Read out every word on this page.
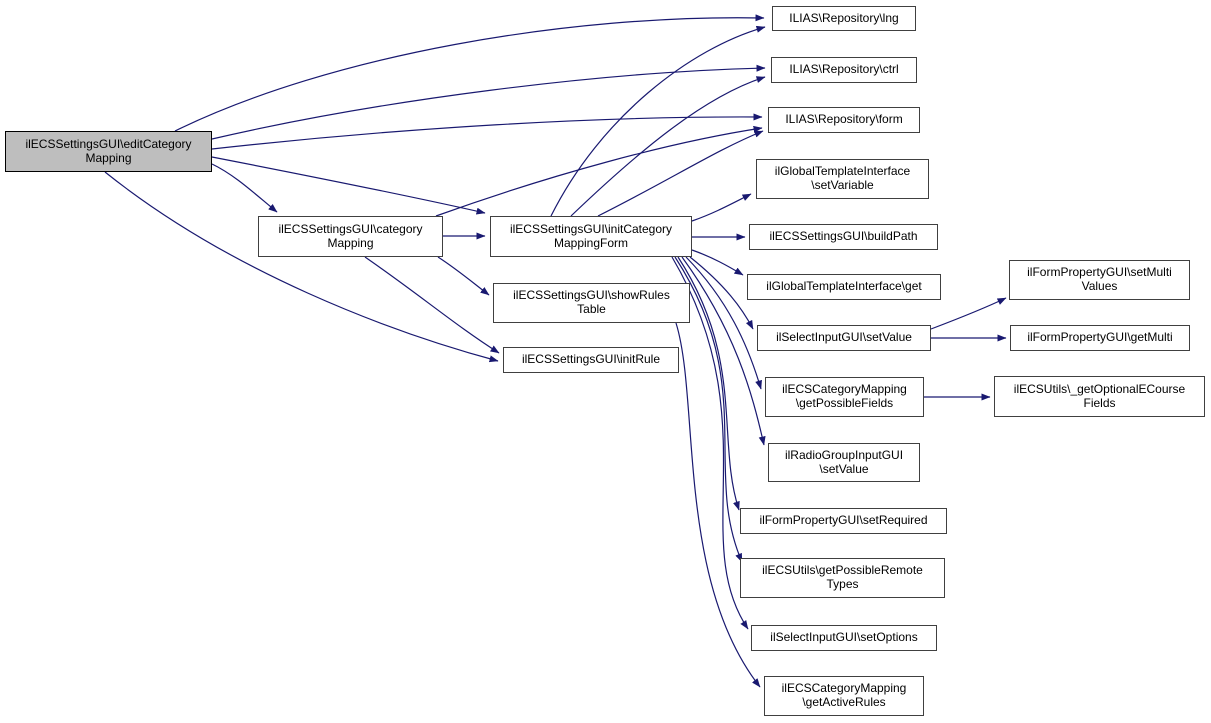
ilECSSettingsGUI\editCategory
Mapping
ilECSSettingsGUI\category
Mapping
ilECSSettingsGUI\initCategory
MappingForm
ilECSSettingsGUI\showRules
Table
ilECSSettingsGUI\initRule
ILIAS\Repository\lng
ILIAS\Repository\ctrl
ILIAS\Repository\form
ilGlobalTemplateInterface
\setVariable
ilECSSettingsGUI\buildPath
ilGlobalTemplateInterface\get
ilSelectInputGUI\setValue
ilECSCategoryMapping
\getPossibleFields
ilRadioGroupInputGUI
\setValue
ilFormPropertyGUI\setRequired
ilECSUtils\getPossibleRemote
Types
ilSelectInputGUI\setOptions
ilECSCategoryMapping
\getActiveRules
ilFormPropertyGUI\setMulti
Values
ilFormPropertyGUI\getMulti
ilECSUtils\_getOptionalECourse
Fields
